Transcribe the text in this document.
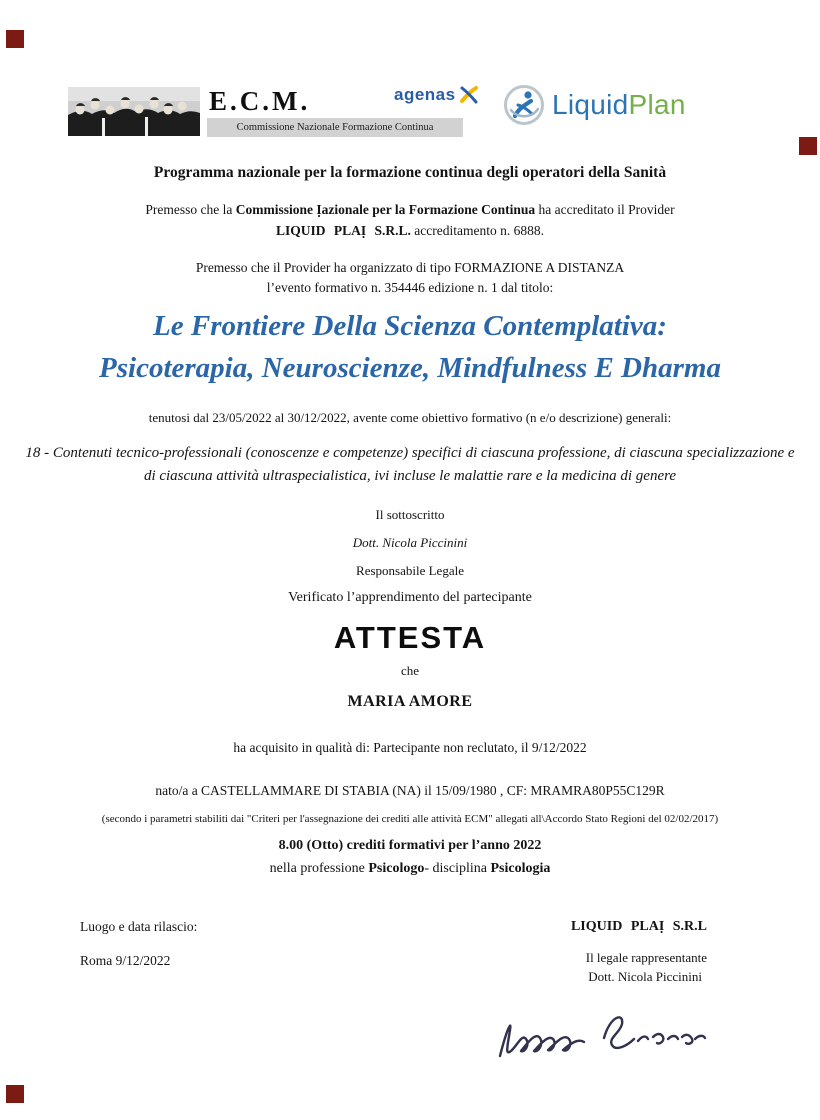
E.C.M.
Commissione Nazionale Formazione Continua
agenas	LiquidPlan
Programma nazionale per la formazione continua degli operatori della Sanità
Premesso che la Commissione Ịazionale per la Formazione Continua ha accreditato il Provider
LIQUID PLAỊ S.R.L. accreditamento n. 6888.
Premesso che il Provider ha organizzato di tipo FORMAZIONE A DISTANZA
l’evento formativo n. 354446 edizione n. 1 dal titolo:
Le Frontiere Della Scienza Contemplativa:
Psicoterapia, Neuroscienze, Mindfulness E Dharma
tenutosi dal 23/05/2022 al 30/12/2022, avente come obiettivo formativo (n e/o descrizione) generali:
18 - Contenuti tecnico-professionali (conoscenze e competenze) specifici di ciascuna professione, di ciascuna specializzazione e di ciascuna attività ultraspecialistica, ivi incluse le malattie rare e la medicina di genere
Il sottoscritto
Dott. Nicola Piccinini
Responsabile Legale
Verificato l’apprendimento del partecipante
ATTESTA
che
MARIA AMORE
ha acquisito in qualità di: Partecipante non reclutato, il 9/12/2022
nato/a a CASTELLAMMARE DI STABIA (NA) il 15/09/1980 , CF: MRAMRA80P55C129R
(secondo i parametri stabiliti dai "Criteri per l'assegnazione dei crediti alle attività ECM" allegati all\Accordo Stato Regioni del 02/02/2017)
8.00 (Otto) crediti formativi per l’anno 2022
nella professione Psicologo- disciplina Psicologia
Luogo e data rilascio:
Roma 9/12/2022
LIQUID PLAỊ S.R.L
Il legale rappresentante
Dott. Nicola Piccinini
